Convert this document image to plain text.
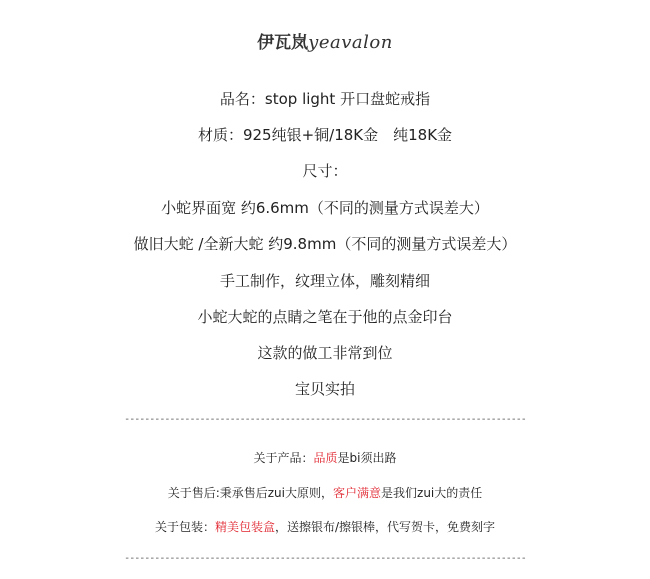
伊瓦岚yeavalon
品名：stop light 开口盘蛇戒指
材质：925纯银+铜/18K金　纯18K金
尺寸：
小蛇界面宽 约6.6mm（不同的测量方式误差大）
做旧大蛇 /全新大蛇 约9.8mm（不同的测量方式误差大）
手工制作，纹理立体，雕刻精细
小蛇大蛇的点睛之笔在于他的点金印台
这款的做工非常到位
宝贝实拍
--------------------------------------------------------------------------------
关于产品：品质是bi须出路
关于售后:秉承售后zui大原则，客户满意是我们zui大的责任
关于包装：精美包装盒，送擦银布/擦银棒，代写贺卡，免费刻字
--------------------------------------------------------------------------------
